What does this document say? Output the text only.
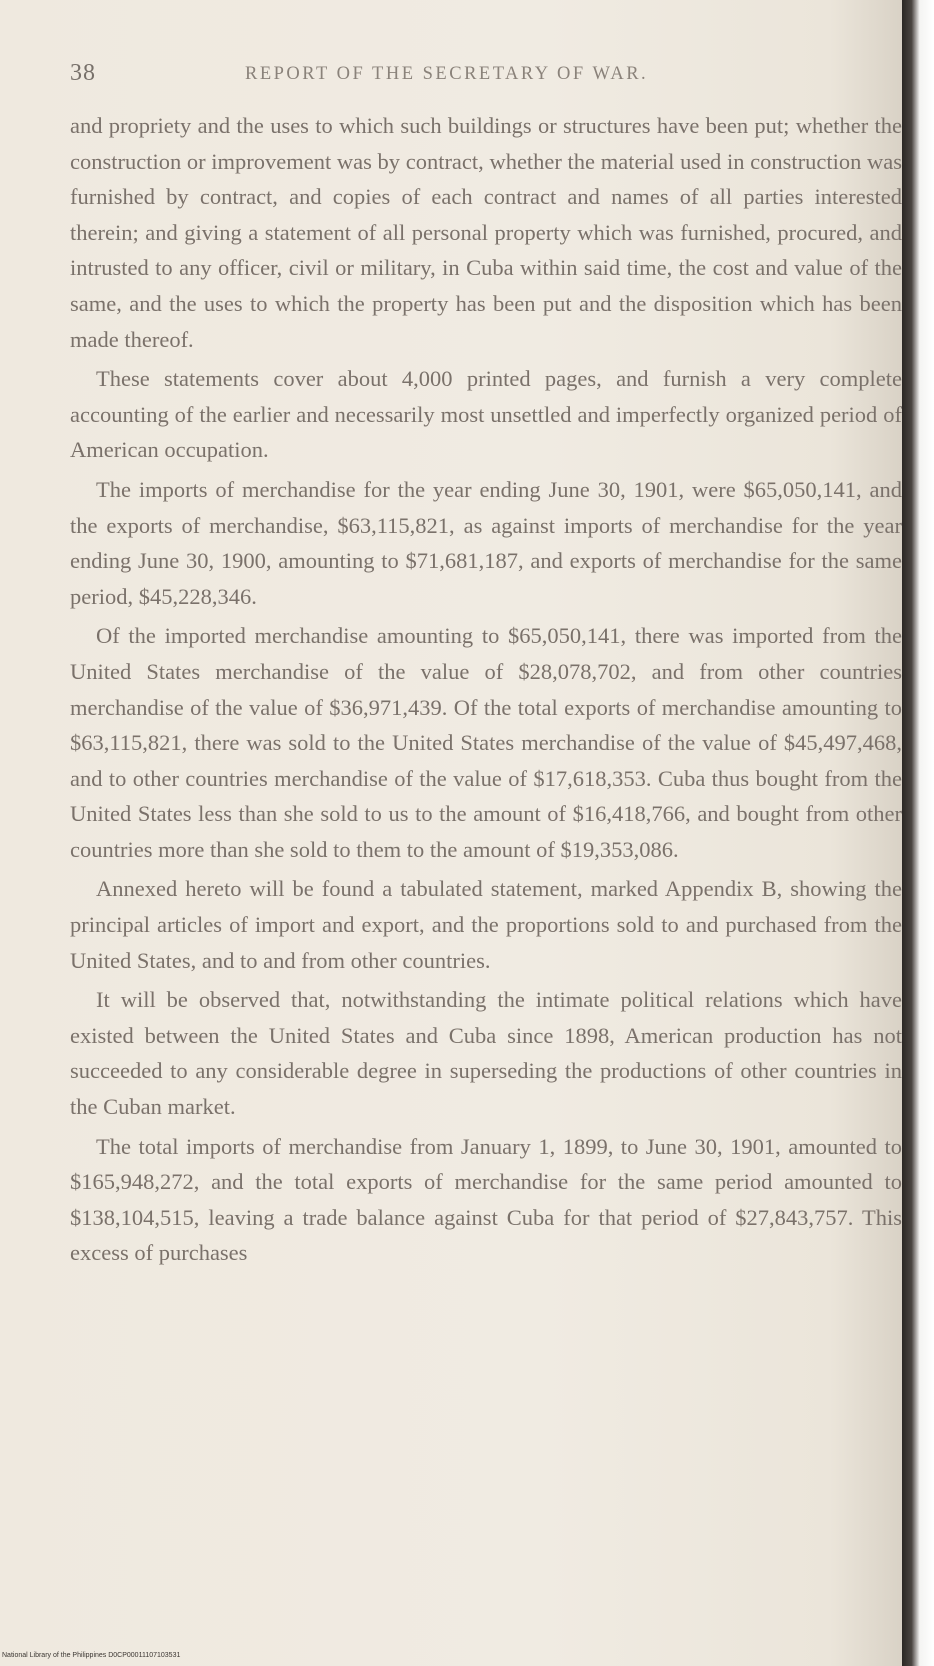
38	REPORT OF THE SECRETARY OF WAR.

and propriety and the uses to which such buildings or structures have been put; whether the construction or improvement was by contract, whether the material used in construction was furnished by contract, and copies of each contract and names of all parties interested therein; and giving a statement of all personal property which was furnished, procured, and intrusted to any officer, civil or military, in Cuba within said time, the cost and value of the same, and the uses to which the property has been put and the disposition which has been made thereof.

These statements cover about 4,000 printed pages, and furnish a very complete accounting of the earlier and necessarily most unsettled and imperfectly organized period of American occupation.

The imports of merchandise for the year ending June 30, 1901, were $65,050,141, and the exports of merchandise, $63,115,821, as against imports of merchandise for the year ending June 30, 1900, amounting to $71,681,187, and exports of merchandise for the same period, $45,228,346.

Of the imported merchandise amounting to $65,050,141, there was imported from the United States merchandise of the value of $28,078,702, and from other countries merchandise of the value of $36,971,439. Of the total exports of merchandise amounting to $63,115,821, there was sold to the United States merchandise of the value of $45,497,468, and to other countries merchandise of the value of $17,618,353. Cuba thus bought from the United States less than she sold to us to the amount of $16,418,766, and bought from other countries more than she sold to them to the amount of $19,353,086.

Annexed hereto will be found a tabulated statement, marked Appendix B, showing the principal articles of import and export, and the proportions sold to and purchased from the United States, and to and from other countries.

It will be observed that, notwithstanding the intimate political relations which have existed between the United States and Cuba since 1898, American production has not succeeded to any considerable degree in superseding the productions of other countries in the Cuban market.

The total imports of merchandise from January 1, 1899, to June 30, 1901, amounted to $165,948,272, and the total exports of merchandise for the same period amounted to $138,104,515, leaving a trade balance against Cuba for that period of $27,843,757. This excess of purchases

National Library of the Philippines D0CP00011107103531
